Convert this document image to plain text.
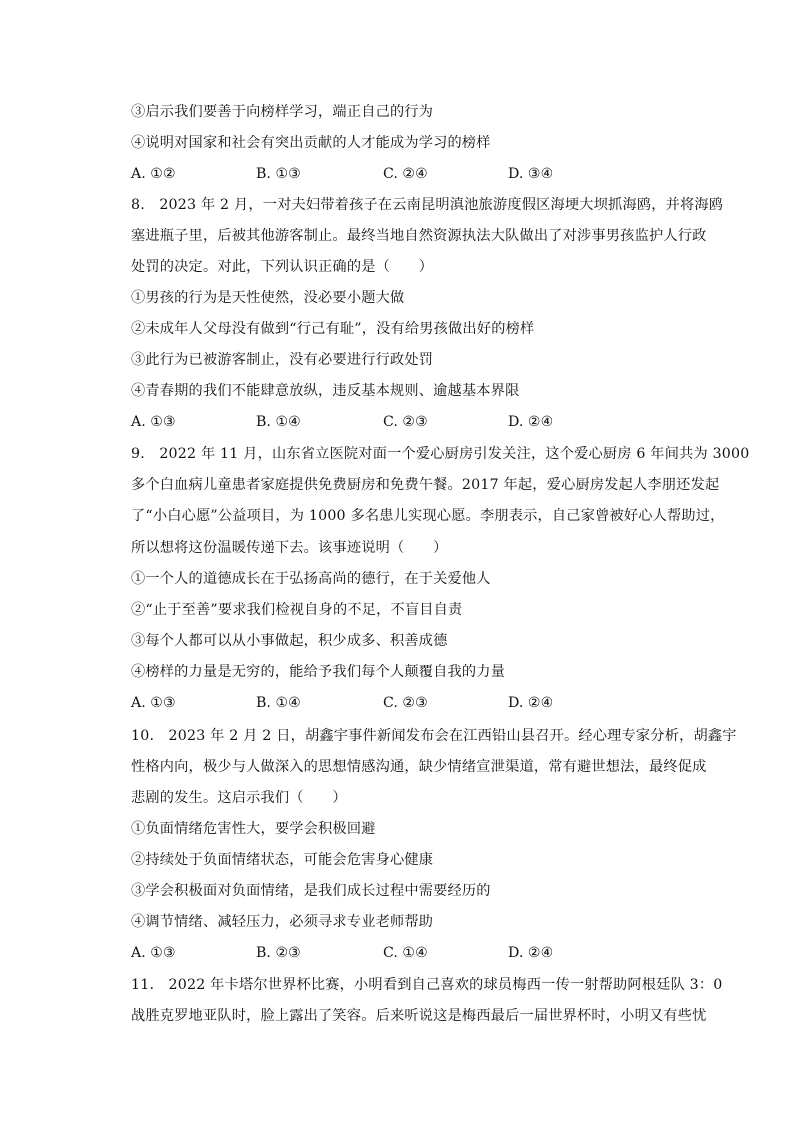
③启示我们要善于向榜样学习，端正自己的行为
④说明对国家和社会有突出贡献的人才能成为学习的榜样
A. ①②	B. ①③	C. ②④	D. ③④
8.　2023 年 2 月，一对夫妇带着孩子在云南昆明滇池旅游度假区海埂大坝抓海鸥，并将海鸥
塞进瓶子里，后被其他游客制止。最终当地自然资源执法大队做出了对涉事男孩监护人行政
处罚的决定。对此，下列认识正确的是（　　）
①男孩的行为是天性使然，没必要小题大做
②未成年人父母没有做到“行己有耻”，没有给男孩做出好的榜样
③此行为已被游客制止，没有必要进行行政处罚
④青春期的我们不能肆意放纵，违反基本规则、逾越基本界限
A. ①③	B. ①④	C. ②③	D. ②④
9.　2022 年 11 月，山东省立医院对面一个爱心厨房引发关注，这个爱心厨房 6 年间共为 3000
多个白血病儿童患者家庭提供免费厨房和免费午餐。2017 年起，爱心厨房发起人李朋还发起
了“小白心愿”公益项目，为 1000 多名患儿实现心愿。李朋表示，自己家曾被好心人帮助过，
所以想将这份温暖传递下去。该事迹说明（　　）
①一个人的道德成长在于弘扬高尚的德行，在于关爱他人
②“止于至善”要求我们检视自身的不足，不盲目自责
③每个人都可以从小事做起，积少成多、积善成德
④榜样的力量是无穷的，能给予我们每个人颠覆自我的力量
A. ①③	B. ①④	C. ②③	D. ②④
10.　2023 年 2 月 2 日，胡鑫宇事件新闻发布会在江西铅山县召开。经心理专家分析，胡鑫宇
性格内向，极少与人做深入的思想情感沟通，缺少情绪宣泄渠道，常有避世想法，最终促成
悲剧的发生。这启示我们（　　）
①负面情绪危害性大，要学会积极回避
②持续处于负面情绪状态，可能会危害身心健康
③学会积极面对负面情绪，是我们成长过程中需要经历的
④调节情绪、减轻压力，必须寻求专业老师帮助
A. ①③	B. ②③	C. ①④	D. ②④
11.　2022 年卡塔尔世界杯比赛，小明看到自己喜欢的球员梅西一传一射帮助阿根廷队 3：0
战胜克罗地亚队时，脸上露出了笑容。后来听说这是梅西最后一届世界杯时，小明又有些忧
